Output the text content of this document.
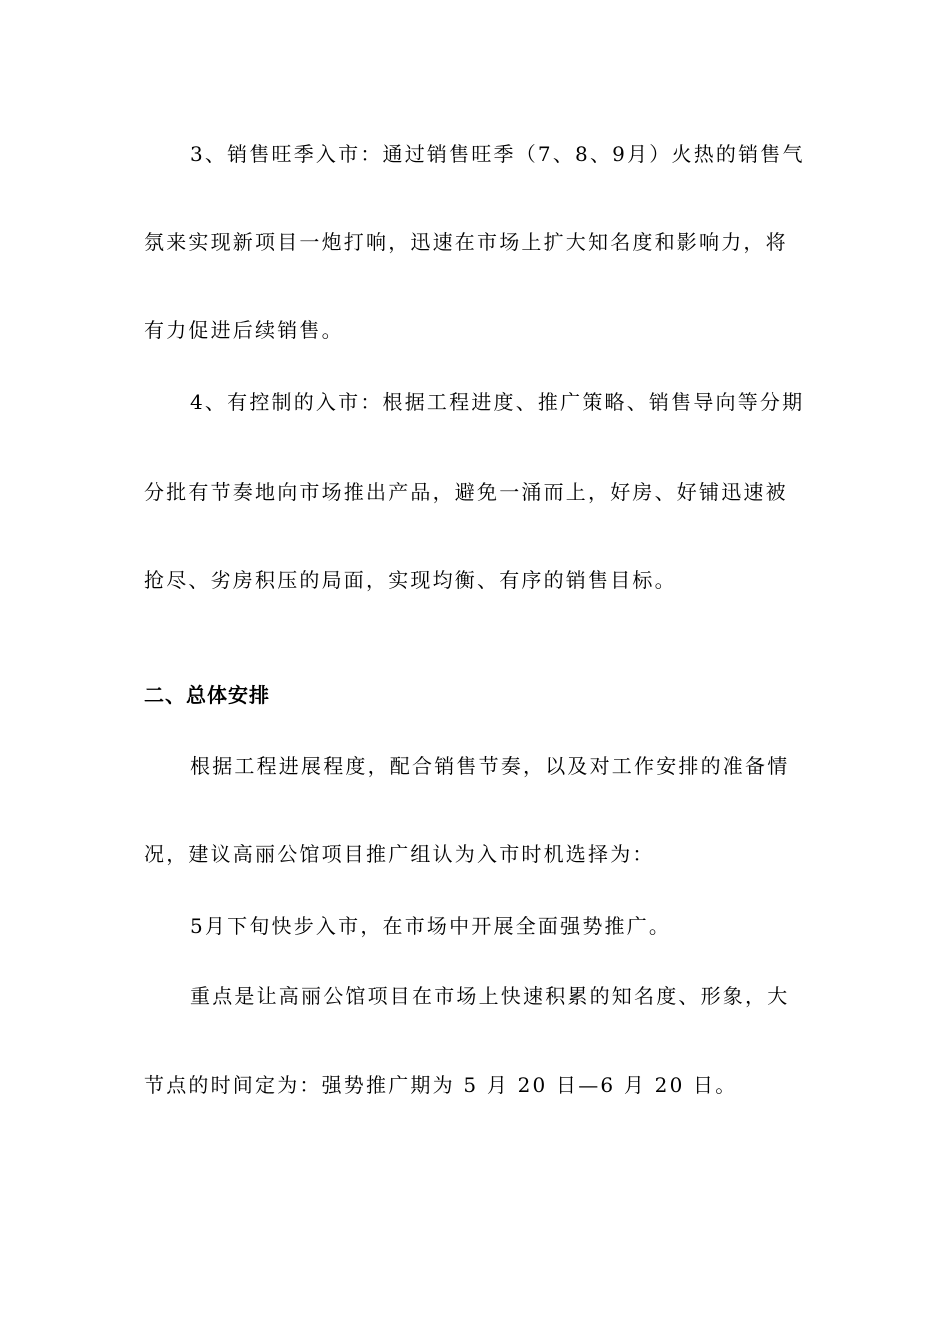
3、销售旺季入市：通过销售旺季（7、8、9月）火热的销售气
氛来实现新项目一炮打响，迅速在市场上扩大知名度和影响力，将
有力促进后续销售。
4、有控制的入市：根据工程进度、推广策略、销售导向等分期
分批有节奏地向市场推出产品，避免一涌而上，好房、好铺迅速被
抢尽、劣房积压的局面，实现均衡、有序的销售目标。
二、总体安排
根据工程进展程度，配合销售节奏，以及对工作安排的准备情
况，建议高丽公馆项目推广组认为入市时机选择为：
5月下旬快步入市，在市场中开展全面强势推广。
重点是让高丽公馆项目在市场上快速积累的知名度、形象，大
节点的时间定为：强势推广期为 5 月 20 日—6 月 20 日。
